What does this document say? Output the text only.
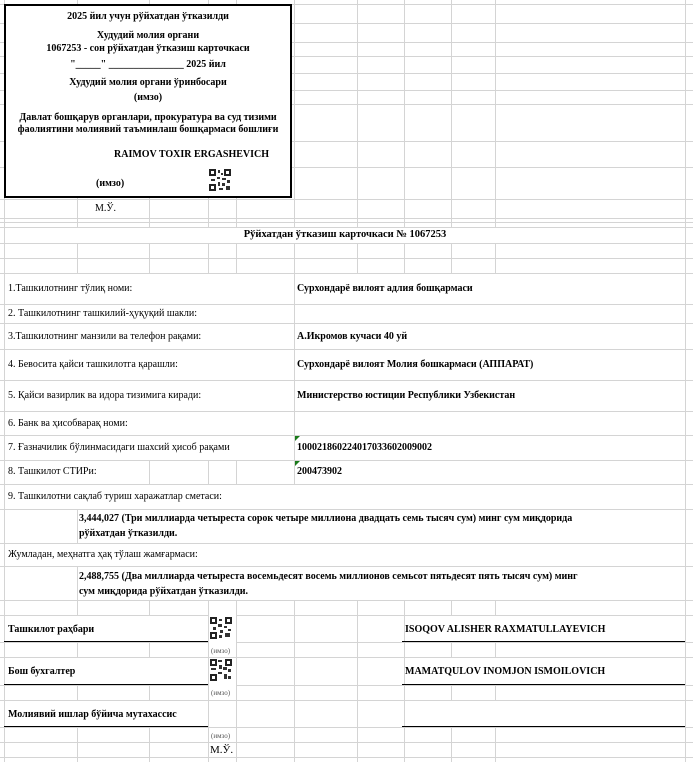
2025 йил учун рўйхатдан ўтказилди
Худудий молия органи
1067253 - сон рўйхатдан ўтказиш карточкаси
"_____" _______________ 2025 йил
Худудий молия органи ўринбосари
(имзо)
Давлат бошқарув органлари, прокуратура ва суд тизими
фаолиятини молиявий таъминлаш бошқармаси бошлиғи
RAIMOV TOXIR ERGASHEVICH
(имзо)
М.Ў.
Рўйхатдан ўтказиш карточкаси № 1067253
1.Ташкилотнинг тўлиқ номи:	Сурхондарё вилоят адлия бошқармаси
2. Ташкилотнинг ташкилий-ҳуқуқий шакли:
3.Ташкилотнинг манзили ва телефон рақами:	А.Икромов кучаси 40 уй
4. Бевосита қайси ташкилотга қарашли:	Сурхондарё вилоят Молия бошкармаси (АППАРАТ)
5. Қайси вазирлик ва идора тизимига киради:	Министерство юстиции Республики Узбекистан
6. Банк ва ҳисобварақ номи:
7. Ғазначилик бўлинмасидаги шахсий ҳисоб рақами	100021860224017033602009002
8. Ташкилот СТИРи:	200473902
9. Ташкилотни сақлаб туриш харажатлар сметаси:
3,444,027 (Три миллиарда четыреста сорок четыре миллиона двадцать семь тысяч сум) минг сум миқдорида
рўйхатдан ўтказилди.
Жумладан, меҳнатга ҳақ тўлаш жамғармаси:
2,488,755 (Два миллиарда четыреста восемьдесят восемь миллионов семьсот пятьдесят пять тысяч сум) минг
сум миқдорида рўйхатдан ўтказилди.
Ташкилот раҳбари
(имзо)
ISOQOV ALISHER RAXMATULLAYEVICH
Бош бухгалтер
(имзо)
MAMATQULOV INOMJON ISMOILOVICH
Молиявий ишлар бўйича мутахассис
(имзо)
М.Ў.
